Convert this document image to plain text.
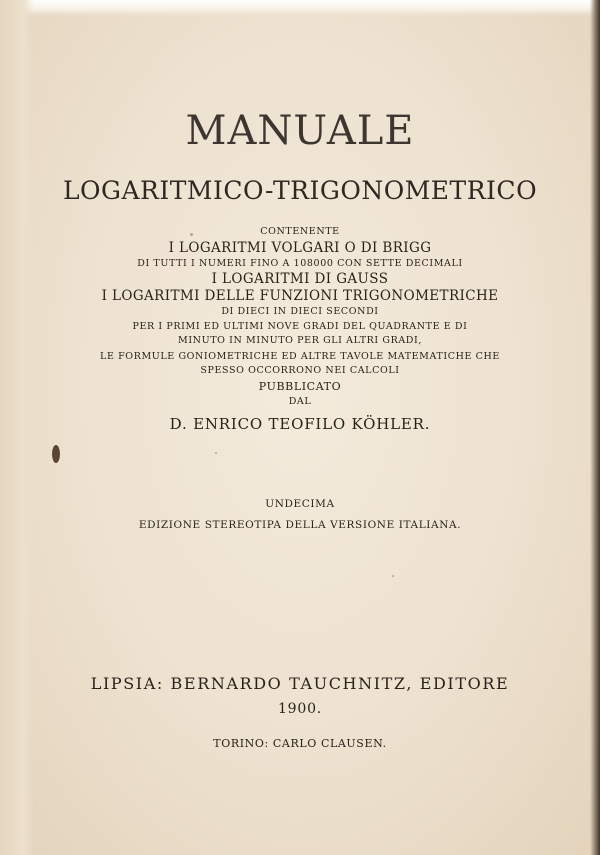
MANUALE
LOGARITMICO-TRIGONOMETRICO

CONTENENTE

I LOGARITMI VOLGARI O DI BRIGG

DI TUTTI I NUMERI FINO A 108000 CON SETTE DECIMALI

I LOGARITMI DI GAUSS

I LOGARITMI DELLE FUNZIONI TRIGONOMETRICHE

DI DIECI IN DIECI SECONDI

PER I PRIMI ED ULTIMI NOVE GRADI DEL QUADRANTE E DI

MINUTO IN MINUTO PER GLI ALTRI GRADI,

LE FORMULE GONIOMETRICHE ED ALTRE TAVOLE MATEMATICHE CHE

SPESSO OCCORRONO NEI CALCOLI

PUBBLICATO

DAL

D. ENRICO TEOFILO KÖHLER.

UNDECIMA

EDIZIONE STEREOTIPA DELLA VERSIONE ITALIANA.

LIPSIA: BERNARDO TAUCHNITZ, EDITORE

1900.

TORINO: CARLO CLAUSEN.
